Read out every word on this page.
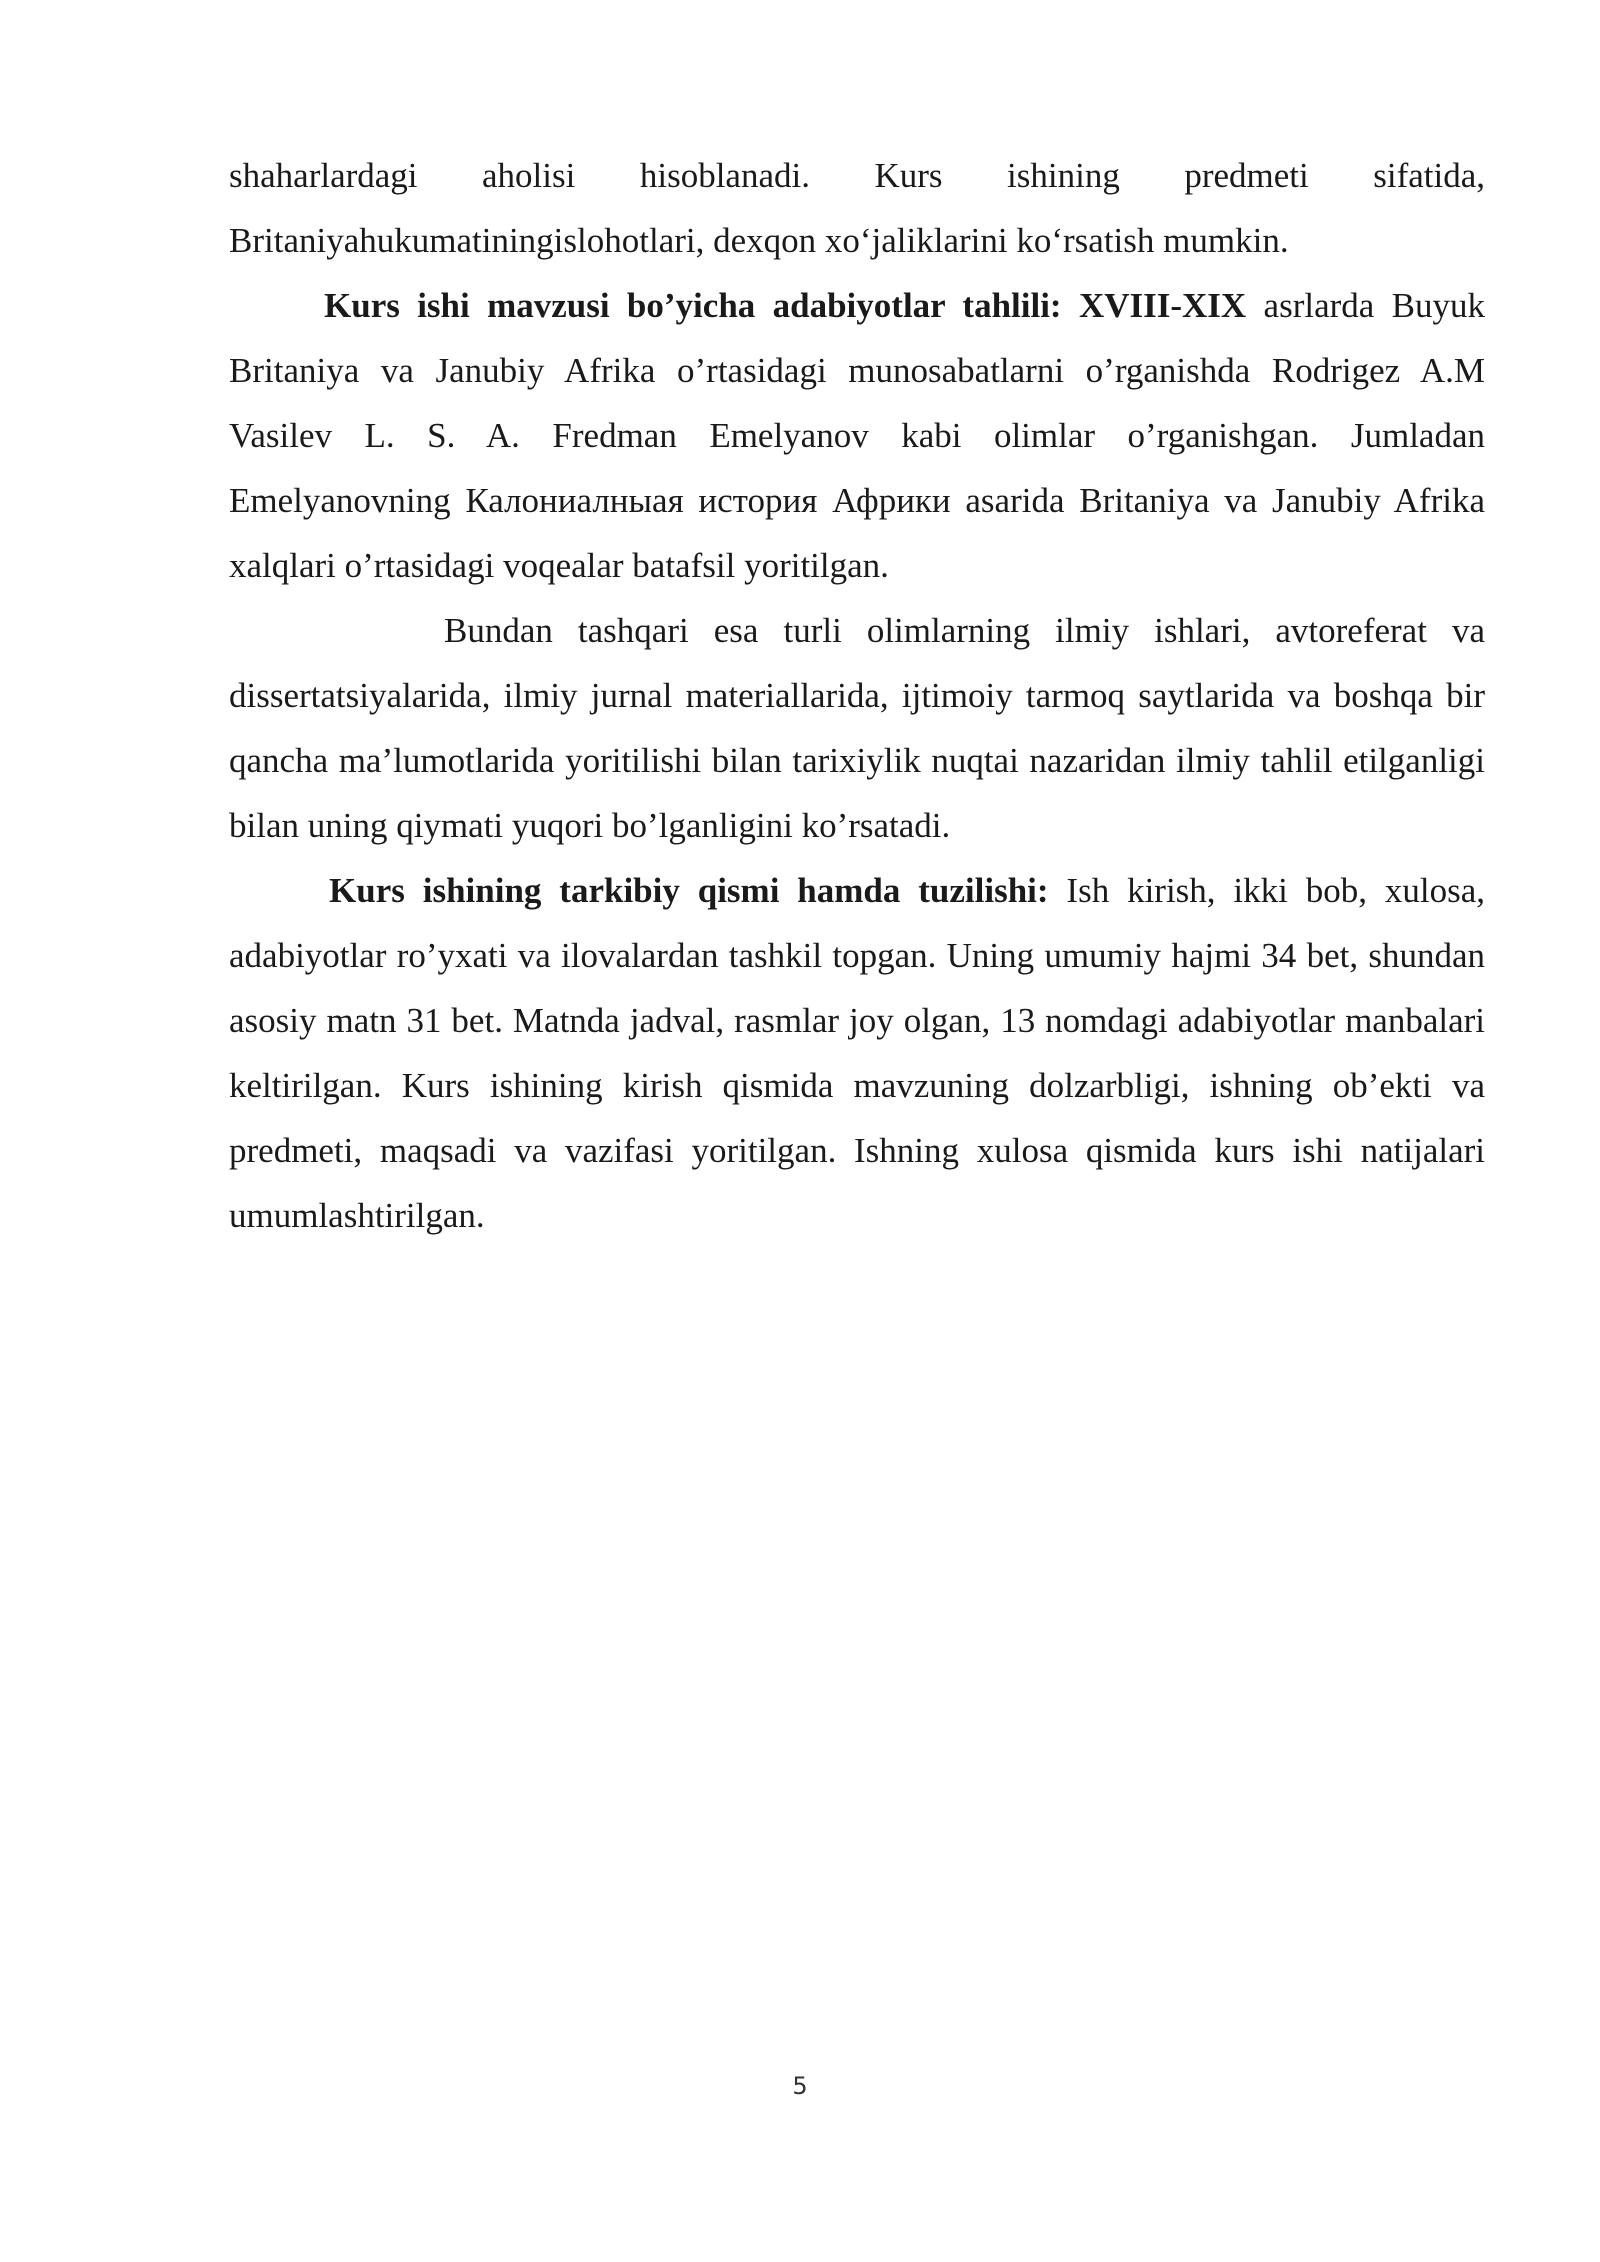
shaharlardagi aholisi hisoblanadi. Kurs ishining predmeti sifatida, Britaniyahukumatiningislohotlari, dexqon xo‘jaliklarini ko‘rsatish mumkin.

Kurs ishi mavzusi bo’yicha adabiyotlar tahlili: XVIII-XIX asrlarda Buyuk Britaniya va Janubiy Afrika o’rtasidagi munosabatlarni o’rganishda Rodrigez A.M Vasilev L. S. A. Fredman Emelyanov kabi olimlar o’rganishgan. Jumladan Emelyanovning Калониалныая история Африки asarida Britaniya va Janubiy Afrika xalqlari o’rtasidagi voqealar batafsil yoritilgan.

Bundan tashqari esa turli olimlarning ilmiy ishlari, avtoreferat va dissertatsiyalarida, ilmiy jurnal materiallarida, ijtimoiy tarmoq saytlarida va boshqa bir qancha ma’lumotlarida yoritilishi bilan tarixiylik nuqtai nazaridan ilmiy tahlil etilganligi bilan uning qiymati yuqori bo’lganligini ko’rsatadi.

Kurs ishining tarkibiy qismi hamda tuzilishi: Ish kirish, ikki bob, xulosa, adabiyotlar ro’yxati va ilovalardan tashkil topgan. Uning umumiy hajmi 34 bet, shundan asosiy matn 31 bet. Matnda jadval, rasmlar joy olgan, 13 nomdagi adabiyotlar manbalari keltirilgan. Kurs ishining kirish qismida mavzuning dolzarbligi, ishning ob’ekti va predmeti, maqsadi va vazifasi yoritilgan. Ishning xulosa qismida kurs ishi natijalari umumlashtirilgan.

5
